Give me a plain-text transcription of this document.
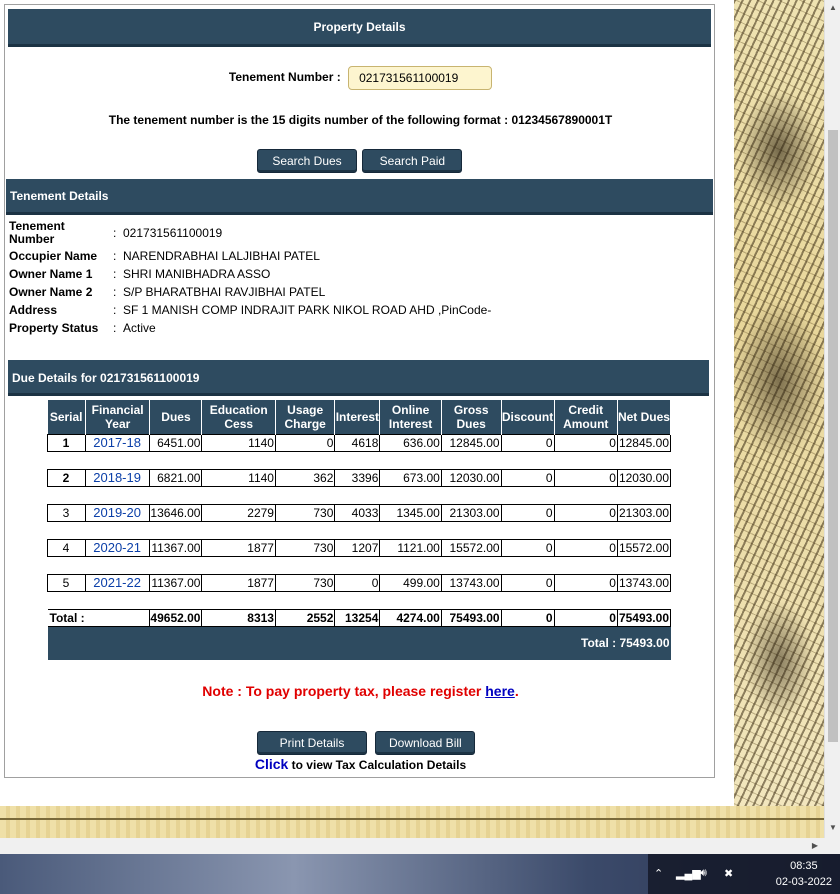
Property Details
Tenement Number : 021731561100019
The tenement number is the 15 digits number of the following format : 01234567890001T
Search Dues	Search Paid
Tenement Details
Tenement Number	: 021731561100019
Occupier Name	: NARENDRABHAI LALJIBHAI PATEL
Owner Name 1	: SHRI MANIBHADRA ASSO
Owner Name 2	: S/P BHARATBHAI RAVJIBHAI PATEL
Address	: SF 1 MANISH COMP INDRAJIT PARK NIKOL ROAD AHD ,PinCode-
Property Status	: Active
Due Details for 021731561100019
Serial	Financial Year	Dues	Education Cess	Usage Charge	Interest	Online Interest	Gross Dues	Discount	Credit Amount	Net Dues
1	2017-18	6451.00	1140	0	4618	636.00	12845.00	0	0	12845.00

2	2018-19	6821.00	1140	362	3396	673.00	12030.00	0	0	12030.00

3	2019-20	13646.00	2279	730	4033	1345.00	21303.00	0	0	21303.00

4	2020-21	11367.00	1877	730	1207	1121.00	15572.00	0	0	15572.00

5	2021-22	11367.00	1877	730	0	499.00	13743.00	0	0	13743.00

Total :		49652.00	8313	2552	13254	4274.00	75493.00	0	0	75493.00
Total : 75493.00										
Note : To pay property tax, please register here.
Print Details	Download Bill
Click to view Tax Calculation Details
▲
▼
▶
⌃ ▂▄▆ 🔊︎ ✖
08:35
02-03-2022
